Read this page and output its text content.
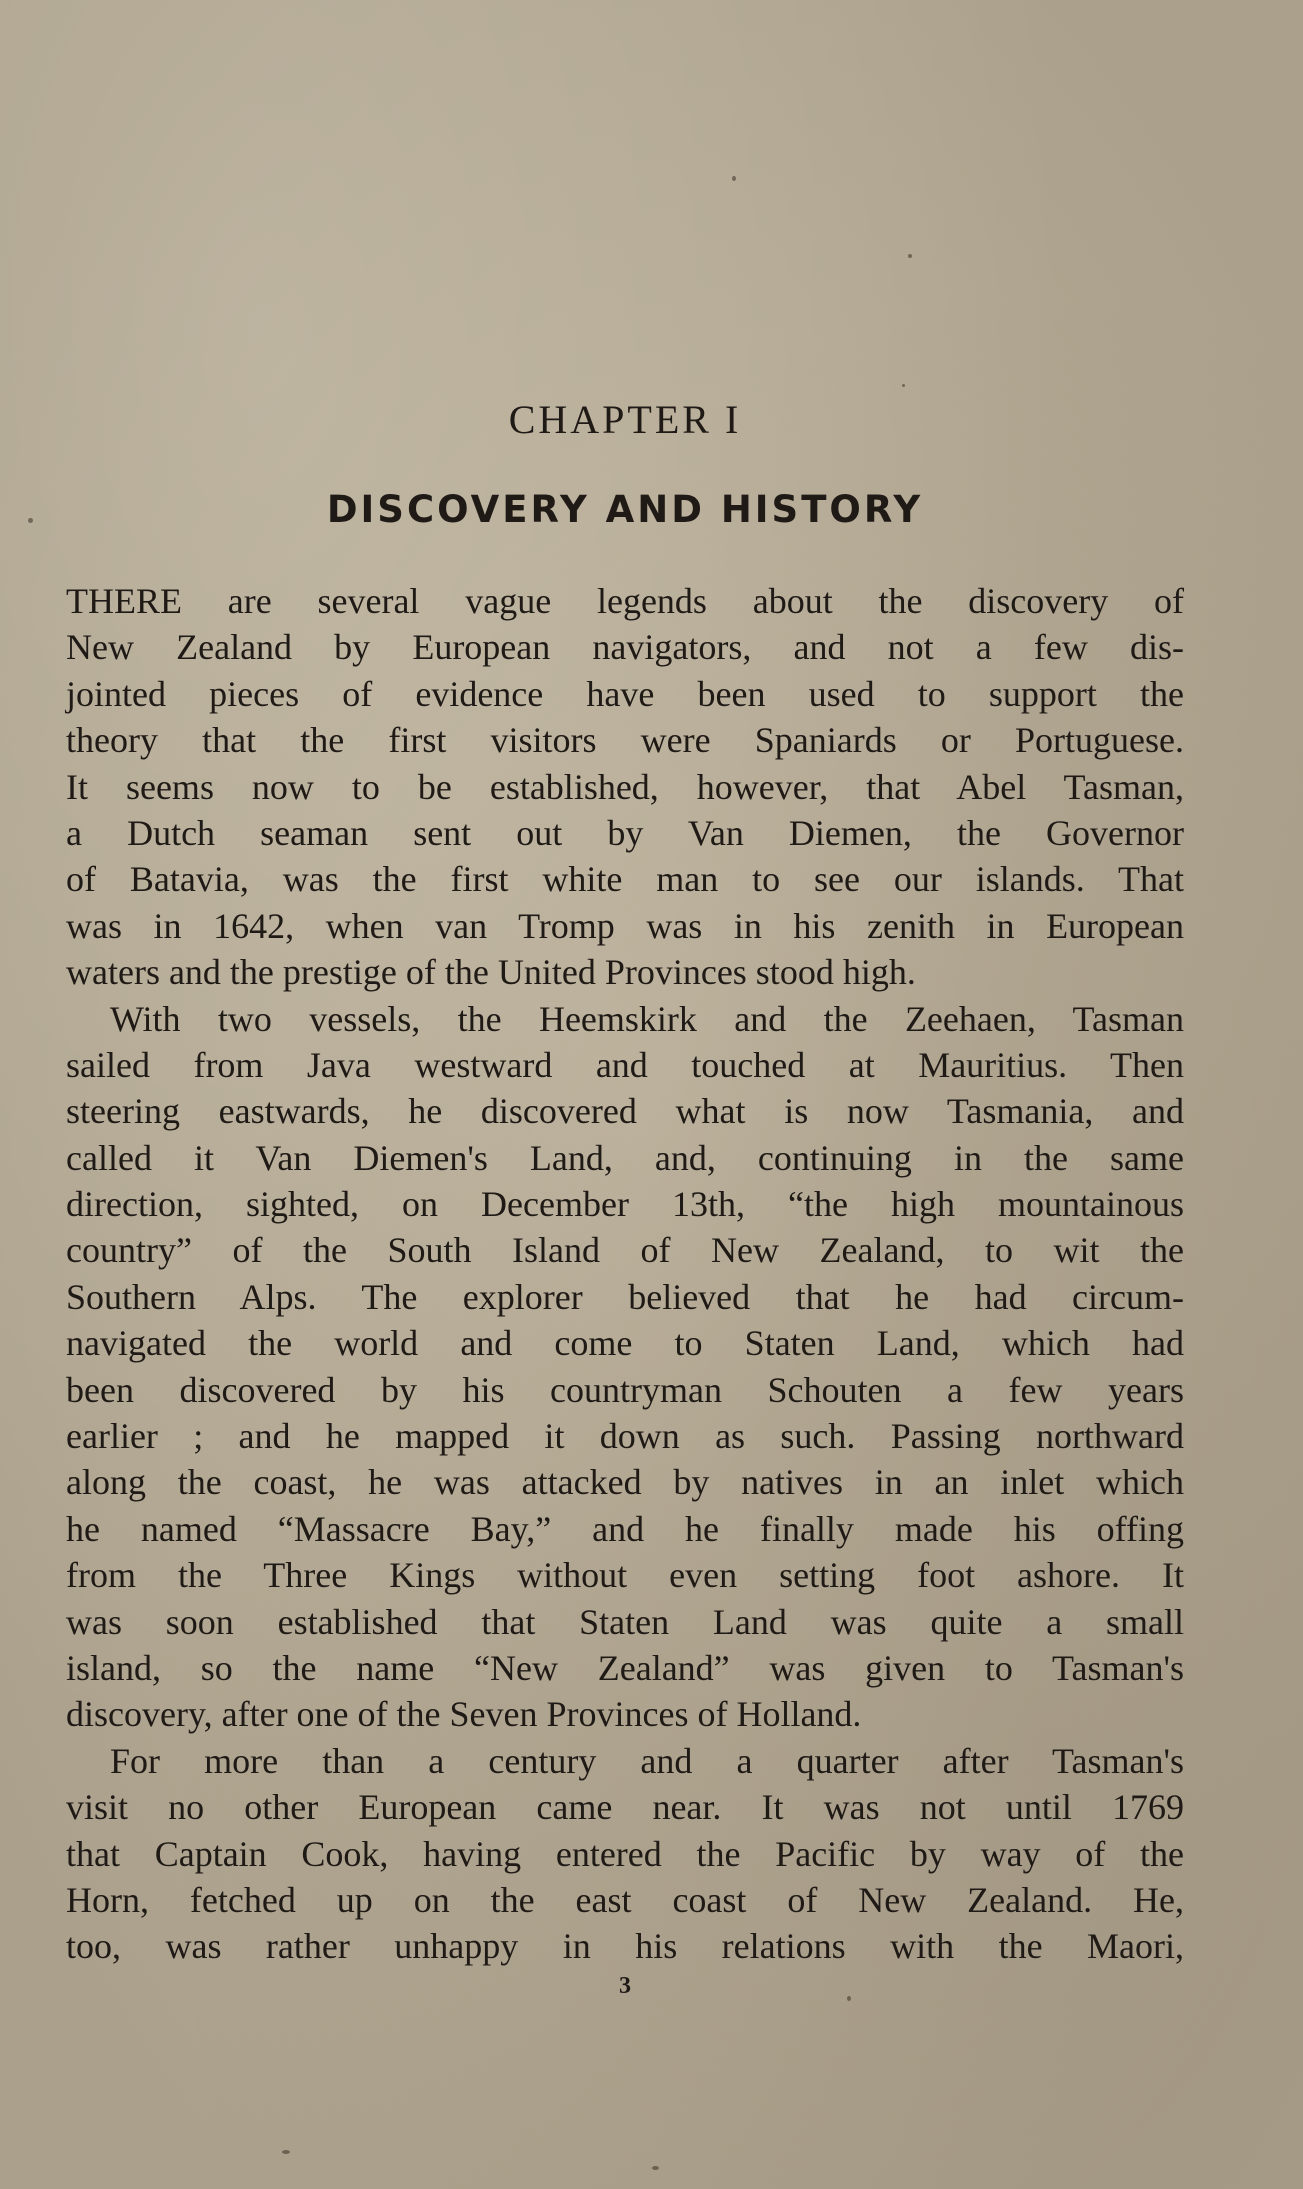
CHAPTER I
DISCOVERY AND HISTORY
THERE are several vague legends about the discovery of
New Zealand by European navigators, and not a few dis-
jointed pieces of evidence have been used to support the
theory that the first visitors were Spaniards or Portuguese.
It seems now to be established, however, that Abel Tasman,
a Dutch seaman sent out by Van Diemen, the Governor
of Batavia, was the first white man to see our islands. That
was in 1642, when van Tromp was in his zenith in European
waters and the prestige of the United Provinces stood high.
With two vessels, the Heemskirk and the Zeehaen, Tasman
sailed from Java westward and touched at Mauritius. Then
steering eastwards, he discovered what is now Tasmania, and
called it Van Diemen's Land, and, continuing in the same
direction, sighted, on December 13th, “the high mountainous
country” of the South Island of New Zealand, to wit the
Southern Alps. The explorer believed that he had circum-
navigated the world and come to Staten Land, which had
been discovered by his countryman Schouten a few years
earlier ; and he mapped it down as such. Passing northward
along the coast, he was attacked by natives in an inlet which
he named “Massacre Bay,” and he finally made his offing
from the Three Kings without even setting foot ashore. It
was soon established that Staten Land was quite a small
island, so the name “New Zealand” was given to Tasman's
discovery, after one of the Seven Provinces of Holland.
For more than a century and a quarter after Tasman's
visit no other European came near. It was not until 1769
that Captain Cook, having entered the Pacific by way of the
Horn, fetched up on the east coast of New Zealand. He,
too, was rather unhappy in his relations with the Maori,
3
